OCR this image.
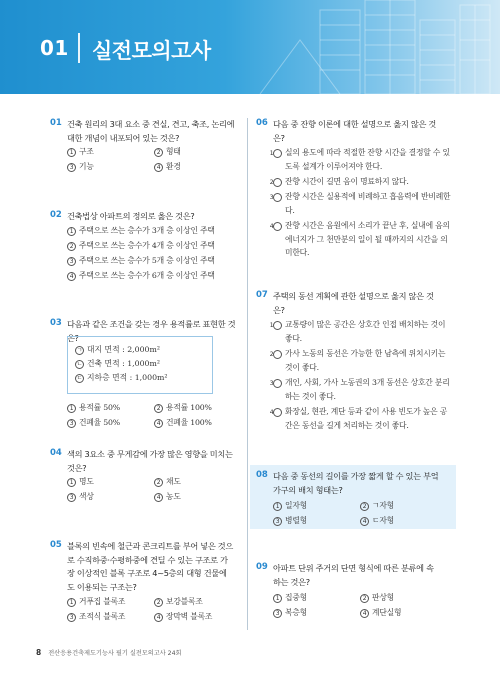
01 실전모의고사
01 건축 원리의 3대 요소 중 견실, 견고, 축조, 논리에
대한 개념이 내포되어 있는 것은?
1 구조	2 형태
3 기능	4 환경
02 건축법상 아파트의 정의로 옳은 것은?
1 주택으로 쓰는 층수가 3개 층 이상인 주택
2 주택으로 쓰는 층수가 4개 층 이상인 주택
3 주택으로 쓰는 층수가 5개 층 이상인 주택
4 주택으로 쓰는 층수가 6개 층 이상인 주택
03 다음과 같은 조건을 갖는 경우 용적률로 표현한 것은?
ㄱ 대지 면적 : 2,000m²
ㄴ 건축 면적 : 1,000m²
ㄷ 지하층 면적 : 1,000m²
1 용적률 50%	2 용적률 100%
3 건폐율 50%	4 건폐율 100%
04 색의 3요소 중 무게감에 가장 많은 영향을 미치는
것은?
1 명도	2 채도
3 색상	4 농도
05 블록의 빈속에 철근과 콘크리트를 부어 넣은 것으
로 수직하중·수평하중에 견딜 수 있는 구조로 가
장 이상적인 블록 구조로 4~5층의 대형 건물에
도 이용되는 구조는?
1 거푸집 블록조	2 보강블록조
3 조적식 블록조	4 장막벽 블록조
06 다음 중 잔향 이론에 대한 설명으로 옳지 않은 것
은?
1 실의 용도에 따라 적절한 잔향 시간을 결정할 수 있도록 설계가 이루어져야 한다.
2 잔향 시간이 길면 음이 명료하지 않다.
3 잔향 시간은 실용적에 비례하고 흡음력에 반비례한다.
4 잔향 시간은 음원에서 소리가 끝난 후, 실내에 음의 에너지가 그 천만분의 일이 될 때까지의 시간을 의미한다.
07 주택의 동선 계획에 관한 설명으로 옳지 않은 것
은?
1 교통량이 많은 공간은 상호간 인접 배치하는 것이 좋다.
2 가사 노동의 동선은 가능한 한 남측에 위치시키는 것이 좋다.
3 개인, 사회, 가사 노동권의 3개 동선은 상호간 분리하는 것이 좋다.
4 화장실, 현관, 계단 등과 같이 사용 빈도가 높은 공간은 동선을 길게 처리하는 것이 좋다.
08 다음 중 동선의 길이를 가장 짧게 할 수 있는 부엌
가구의 배치 형태는?
1 일자형	2 ㄱ자형
3 병렬형	4 ㄷ자형
09 아파트 단위 주거의 단면 형식에 따른 분류에 속
하는 것은?
1 집중형	2 판상형
3 복층형	4 계단실형
8 전산응용건축제도기능사 필기 실전모의고사 24회
